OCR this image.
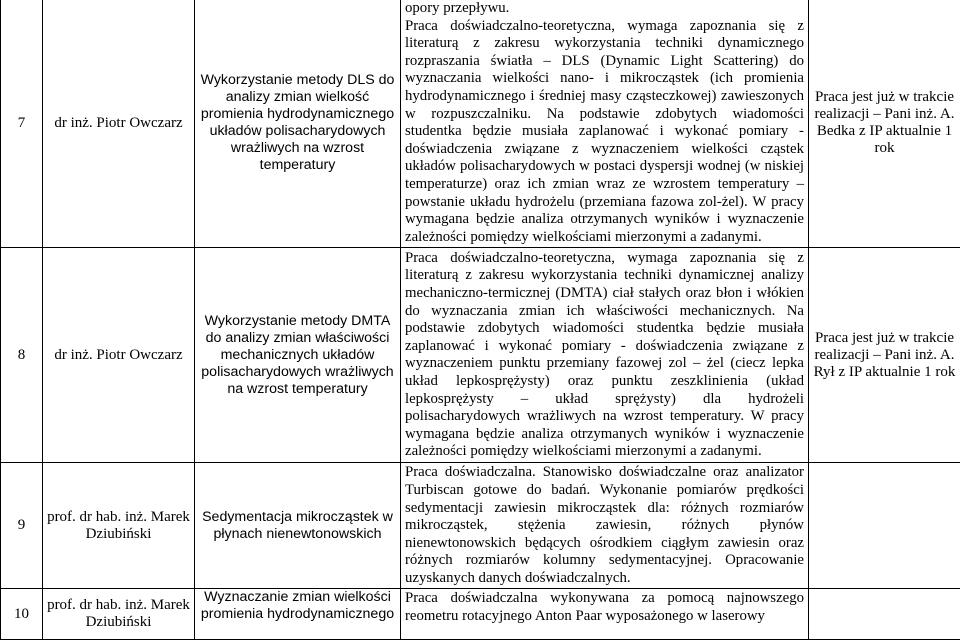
7	dr inż. Piotr Owczarz	Wykorzystanie metody DLS do analizy zmian wielkość promienia hydrodynamicznego układów polisacharydowych wrażliwych na wzrost temperatury	opory przepływu.
Praca doświadczalno-teoretyczna, wymaga zapoznania się z literaturą z zakresu wykorzystania techniki dynamicznego rozpraszania światła – DLS (Dynamic Light Scattering) do wyznaczania wielkości nano- i mikrocząstek (ich promienia hydrodynamicznego i średniej masy cząsteczkowej) zawieszonych w rozpuszczalniku. Na podstawie zdobytych wiadomości studentka będzie musiała zaplanować i wykonać pomiary - doświadczenia związane z wyznaczeniem wielkości cząstek układów polisacharydowych w postaci dyspersji wodnej (w niskiej temperaturze) oraz ich zmian wraz ze wzrostem temperatury – powstanie układu hydrożelu (przemiana fazowa zol-żel). W pracy wymagana będzie analiza otrzymanych wyników i wyznaczenie zależności pomiędzy wielkościami mierzonymi a zadanymi.	Praca jest już w trakcie realizacji – Pani inż. A. Bedka z IP aktualnie 1 rok
8	dr inż. Piotr Owczarz	Wykorzystanie metody DMTA do analizy zmian właściwości mechanicznych układów polisacharydowych wrażliwych na wzrost temperatury	Praca doświadczalno-teoretyczna, wymaga zapoznania się z literaturą z zakresu wykorzystania techniki dynamicznej analizy mechaniczno-termicznej (DMTA) ciał stałych oraz błon i włókien do wyznaczania zmian ich właściwości mechanicznych. Na podstawie zdobytych wiadomości studentka będzie musiała zaplanować i wykonać pomiary - doświadczenia związane z wyznaczeniem punktu przemiany fazowej zol – żel (ciecz lepka układ lepkosprężysty) oraz punktu zeszklinienia (układ lepkosprężysty – układ sprężysty) dla hydrożeli polisacharydowych wrażliwych na wzrost temperatury. W pracy wymagana będzie analiza otrzymanych wyników i wyznaczenie zależności pomiędzy wielkościami mierzonymi a zadanymi.	Praca jest już w trakcie realizacji – Pani inż. A. Rył z IP aktualnie 1 rok
9	prof. dr hab. inż. Marek Dziubiński	Sedymentacja mikrocząstek w płynach nienewtonowskich	Praca doświadczalna. Stanowisko doświadczalne oraz analizator Turbiscan gotowe do badań. Wykonanie pomiarów prędkości sedymentacji zawiesin mikrocząstek dla: różnych rozmiarów mikrocząstek, stężenia zawiesin, różnych płynów nienewtonowskich będących ośrodkiem ciągłym zawiesin oraz różnych rozmiarów kolumny sedymentacyjnej. Opracowanie uzyskanych danych doświadczalnych.	
10	prof. dr hab. inż. Marek Dziubiński	Wyznaczanie zmian wielkości promienia hydrodynamicznego	Praca doświadczalna wykonywana za pomocą najnowszego reometru rotacyjnego Anton Paar wyposażonego w laserowy	
